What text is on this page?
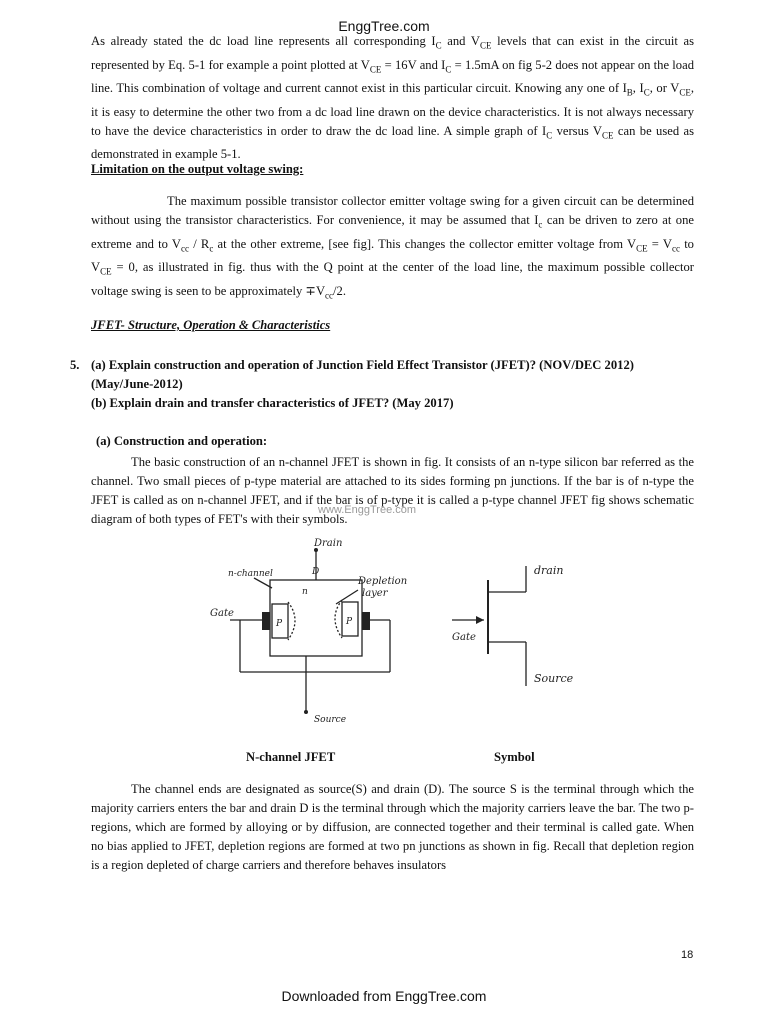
EnggTree.com

As already stated the dc load line represents all corresponding $I_C$ and $V_{CE}$ levels that can exist in the circuit as represented by Eq. 5-1 for example a point plotted at $V_{CE} = 16V$ and $I_C = 1.5mA$ on fig 5-2 does not appear on the load line. This combination of voltage and current cannot exist in this particular circuit. Knowing any one of $I_B$, $I_C$, or $V_{CE}$, it is easy to determine the other two from a dc load line drawn on the device characteristics. It is not always necessary to have the device characteristics in order to draw the dc load line. A simple graph of $I_C$ versus $V_{CE}$ can be used as demonstrated in example 5-1.

Limitation on the output voltage swing:

The maximum possible transistor collector emitter voltage swing for a given circuit can be determined without using the transistor characteristics. For convenience, it may be assumed that $I_c$ can be driven to zero at one extreme and to $V_{cc} / R_c$ at the other extreme, [see fig]. This changes the collector emitter voltage from $V_{CE} = V_{cc}$ to $V_{CE} = 0$, as illustrated in fig. thus with the Q point at the center of the load line, the maximum possible collector voltage swing is seen to be approximately $\mp V_{cc}/2$.

JFET- Structure, Operation & Characteristics
5. (a) Explain construction and operation of Junction Field Effect Transistor (JFET)? (NOV/DEC 2012) (May/June-2012)
(b) Explain drain and transfer characteristics of JFET? (May 2017)
(a) Construction and operation:

The basic construction of an n-channel JFET is shown in fig. It consists of an n-type silicon bar referred as the channel. Two small pieces of p-type material are attached to its sides forming pn junctions. If the bar is of n-type the JFET is called as on n-channel JFET, and if the bar is of p-type it is called a p-type channel JFET fig shows schematic diagram of both types of FET's with their symbols.

www.EnggTree.com
Drain
D
n-channel
n
Depletion
layer
Gate
P	P
Source
drain
Gate
Source
N-channel JFET	Symbol

The channel ends are designated as source(S) and drain (D). The source S is the terminal through which the majority carriers enters the bar and drain D is the terminal through which the majority carriers leave the bar. The two p-regions, which are formed by alloying or by diffusion, are connected together and their terminal is called gate. When no bias applied to JFET, depletion regions are formed at two pn junctions as shown in fig. Recall that depletion region is a region depleted of charge carriers and therefore behaves insulators

18
Downloaded from EnggTree.com
